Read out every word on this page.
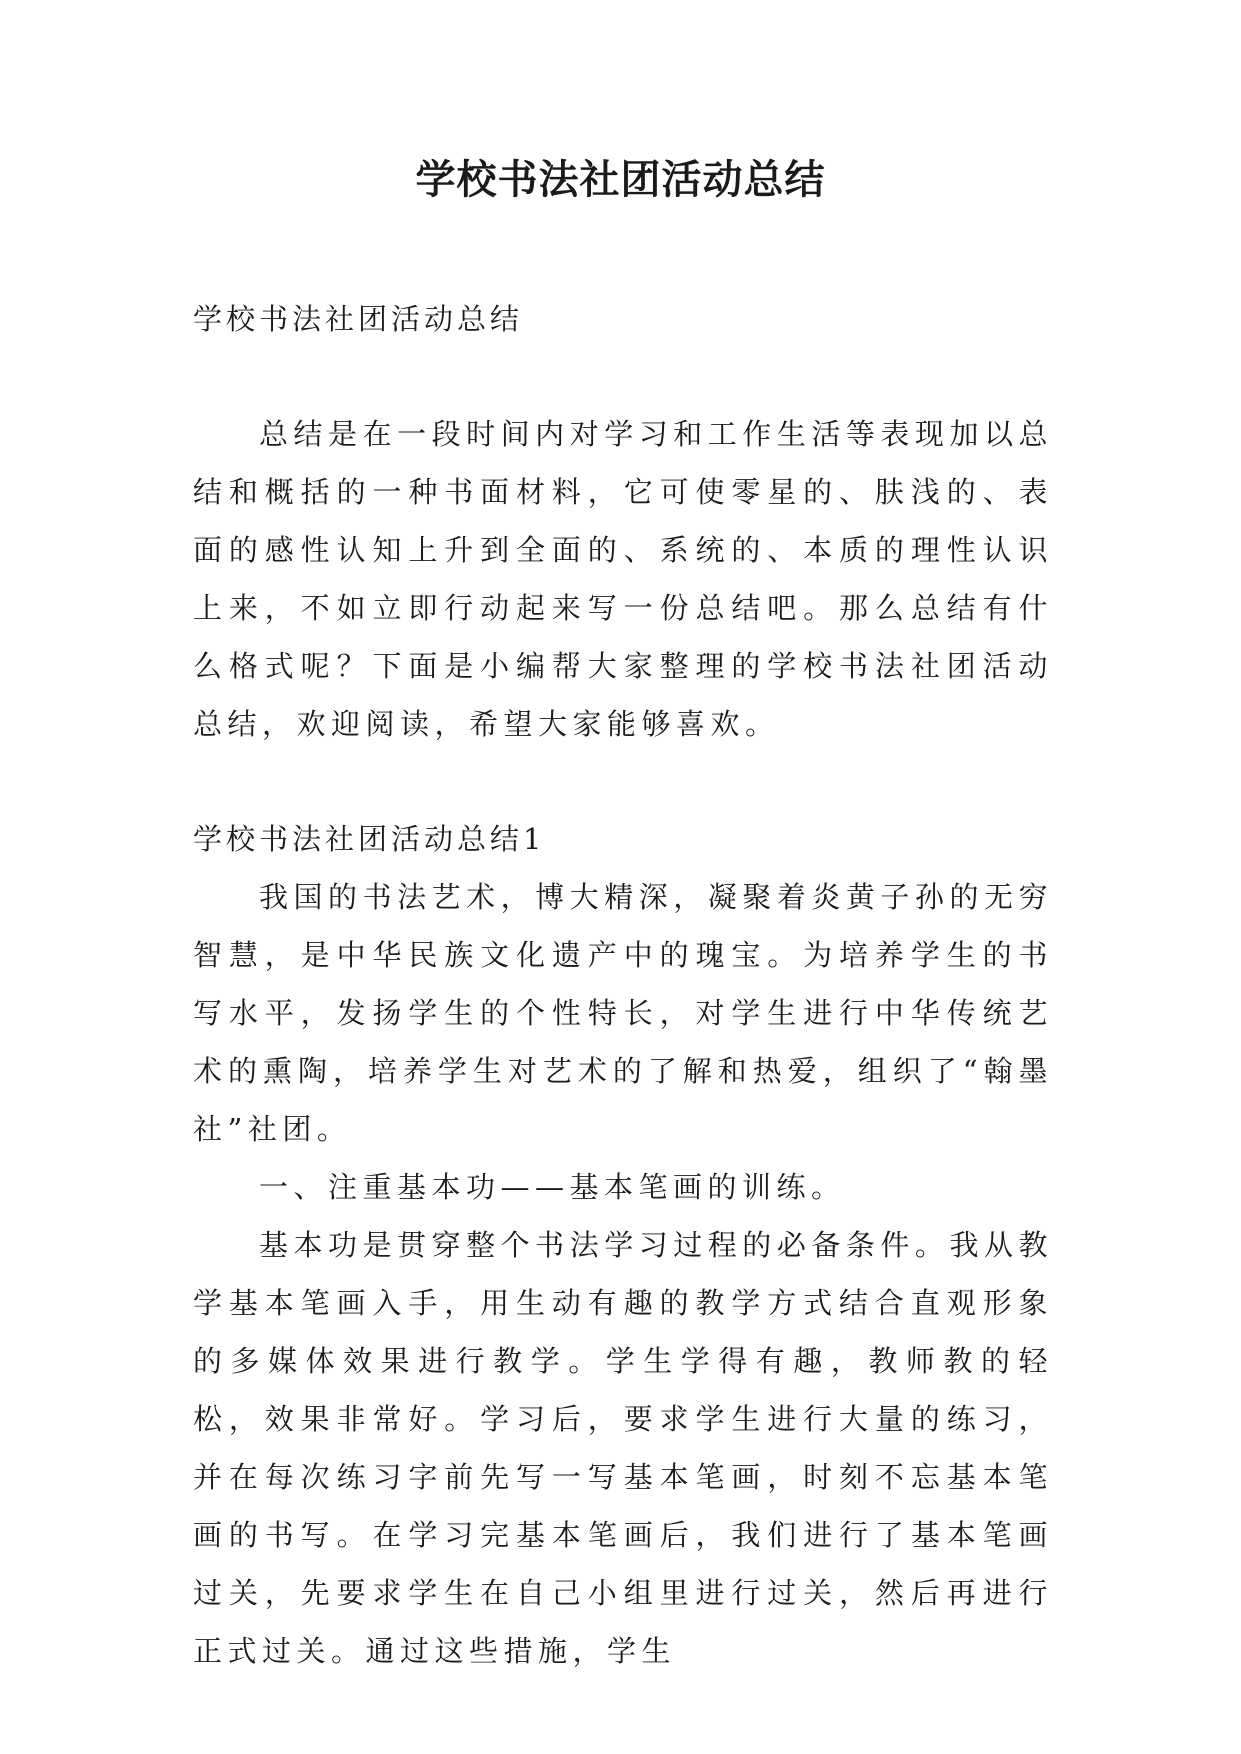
学校书法社团活动总结

学校书法社团活动总结

总结是在一段时间内对学习和工作生活等表现加以总结和概括的一种书面材料，它可使零星的、肤浅的、表面的感性认知上升到全面的、系统的、本质的理性认识上来，不如立即行动起来写一份总结吧。那么总结有什么格式呢？下面是小编帮大家整理的学校书法社团活动总结，欢迎阅读，希望大家能够喜欢。

学校书法社团活动总结1

我国的书法艺术，博大精深，凝聚着炎黄子孙的无穷智慧，是中华民族文化遗产中的瑰宝。为培养学生的书写水平，发扬学生的个性特长，对学生进行中华传统艺术的熏陶，培养学生对艺术的了解和热爱，组织了“翰墨社”社团。

一、注重基本功——基本笔画的训练。

基本功是贯穿整个书法学习过程的必备条件。我从教学基本笔画入手，用生动有趣的教学方式结合直观形象的多媒体效果进行教学。学生学得有趣，教师教的轻松，效果非常好。学习后，要求学生进行大量的练习，并在每次练习字前先写一写基本笔画，时刻不忘基本笔画的书写。在学习完基本笔画后，我们进行了基本笔画过关，先要求学生在自己小组里进行过关，然后再进行正式过关。通过这些措施，学生
